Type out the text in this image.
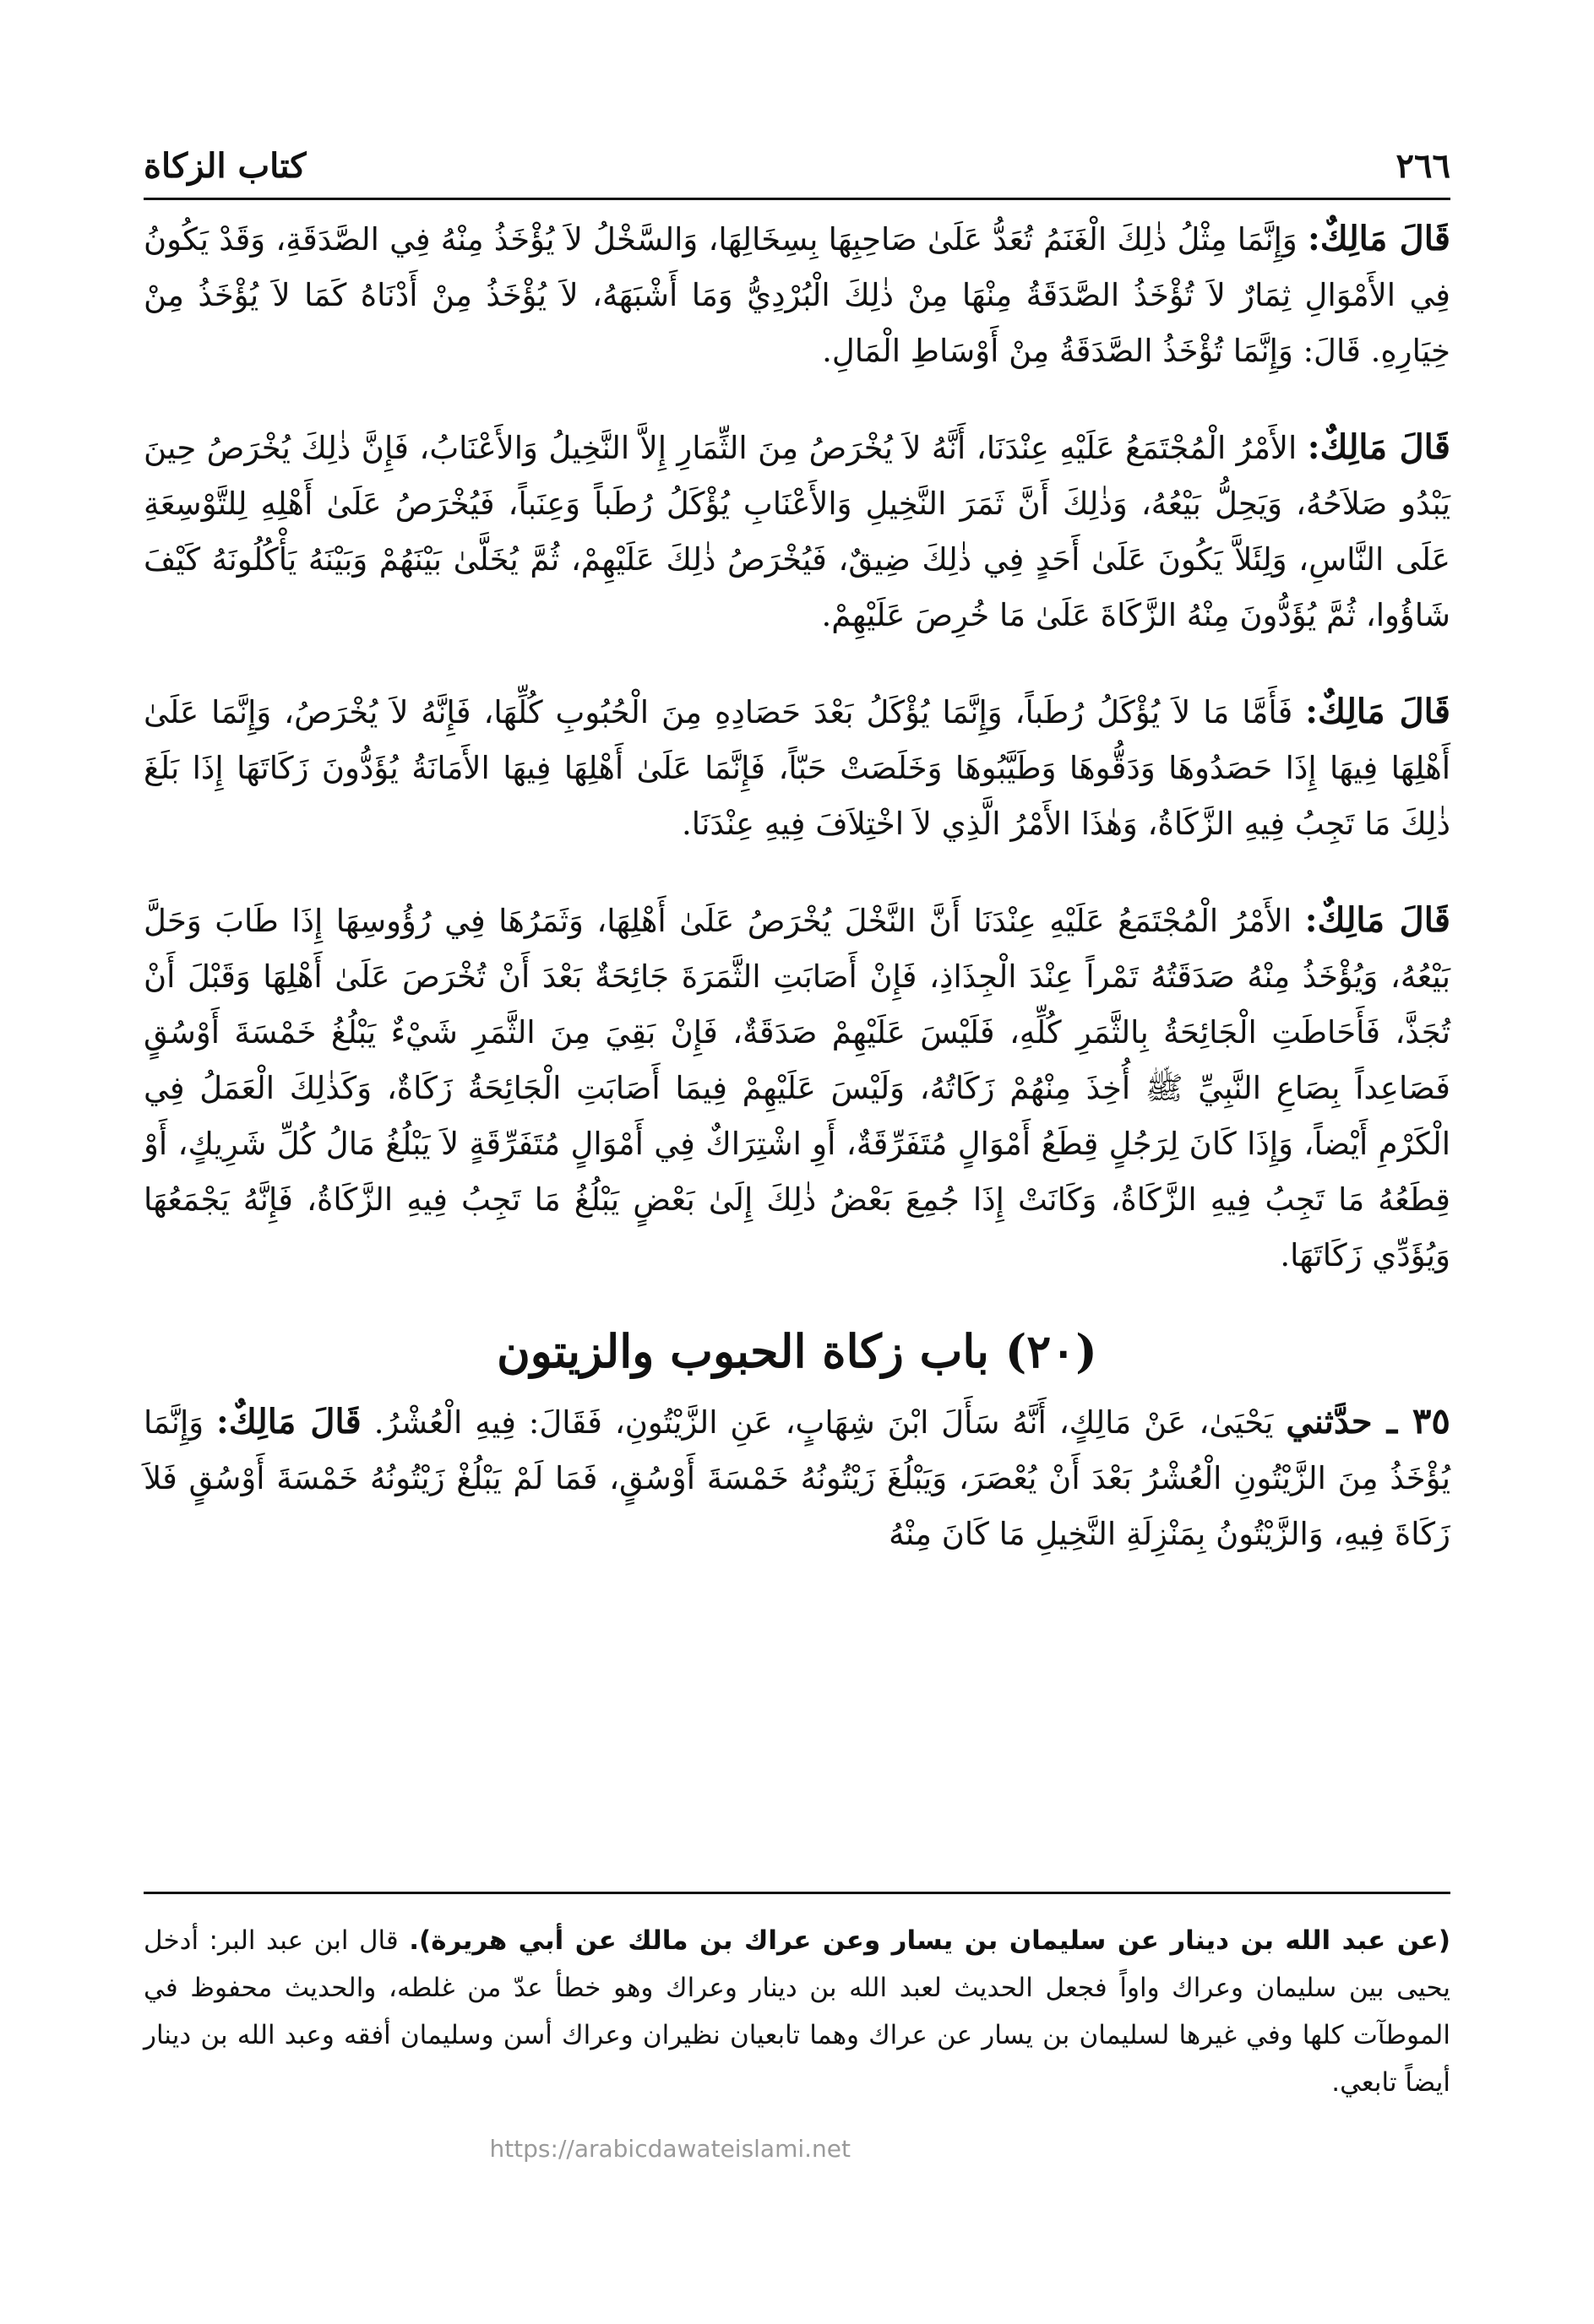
٢٦٦
كتاب الزكاة

قَالَ مَالِكٌ: وَإِنَّمَا مِثْلُ ذٰلِكَ الْغَنَمُ تُعَدُّ عَلَىٰ صَاحِبِهَا بِسِخَالِهَا، وَالسَّخْلُ لاَ يُؤْخَذُ مِنْهُ فِي الصَّدَقَةِ، وَقَدْ يَكُونُ فِي الأَمْوَالِ ثِمَارٌ لاَ تُؤْخَذُ الصَّدَقَةُ مِنْهَا مِنْ ذٰلِكَ الْبُرْدِيُّ وَمَا أَشْبَهَهُ، لاَ يُؤْخَذُ مِنْ أَدْنَاهُ كَمَا لاَ يُؤْخَذُ مِنْ خِيَارِهِ. قَالَ: وَإِنَّمَا تُؤْخَذُ الصَّدَقَةُ مِنْ أَوْسَاطِ الْمَالِ.

قَالَ مَالِكٌ: الأَمْرُ الْمُجْتَمَعُ عَلَيْهِ عِنْدَنَا، أَنَّهُ لاَ يُخْرَصُ مِنَ الثِّمَارِ إِلاَّ النَّخِيلُ وَالأَعْنَابُ، فَإِنَّ ذٰلِكَ يُخْرَصُ حِينَ يَبْدُو صَلاَحُهُ، وَيَحِلُّ بَيْعُهُ، وَذٰلِكَ أَنَّ ثَمَرَ النَّخِيلِ وَالأَعْنَابِ يُؤْكَلُ رُطَباً وَعِنَباً، فَيُخْرَصُ عَلَىٰ أَهْلِهِ لِلتَّوْسِعَةِ عَلَى النَّاسِ، وَلِئَلاَّ يَكُونَ عَلَىٰ أَحَدٍ فِي ذٰلِكَ ضِيقٌ، فَيُخْرَصُ ذٰلِكَ عَلَيْهِمْ، ثُمَّ يُخَلَّىٰ بَيْنَهُمْ وَبَيْنَهُ يَأْكُلُونَهُ كَيْفَ شَاؤُوا، ثُمَّ يُؤَدُّونَ مِنْهُ الزَّكَاةَ عَلَىٰ مَا خُرِصَ عَلَيْهِمْ.

قَالَ مَالِكٌ: فَأَمَّا مَا لاَ يُؤْكَلُ رُطَباً، وَإِنَّمَا يُؤْكَلُ بَعْدَ حَصَادِهِ مِنَ الْحُبُوبِ كُلِّهَا، فَإِنَّهُ لاَ يُخْرَصُ، وَإِنَّمَا عَلَىٰ أَهْلِهَا فِيهَا إِذَا حَصَدُوهَا وَدَقُّوهَا وَطَيَّبُوهَا وَخَلَصَتْ حَبّاً، فَإِنَّمَا عَلَىٰ أَهْلِهَا فِيهَا الأَمَانَةُ يُؤَدُّونَ زَكَاتَهَا إِذَا بَلَغَ ذٰلِكَ مَا تَجِبُ فِيهِ الزَّكَاةُ، وَهٰذَا الأَمْرُ الَّذِي لاَ اخْتِلاَفَ فِيهِ عِنْدَنَا.

قَالَ مَالِكٌ: الأَمْرُ الْمُجْتَمَعُ عَلَيْهِ عِنْدَنَا أَنَّ النَّخْلَ يُخْرَصُ عَلَىٰ أَهْلِهَا، وَثَمَرُهَا فِي رُؤُوسِهَا إِذَا طَابَ وَحَلَّ بَيْعُهُ، وَيُؤْخَذُ مِنْهُ صَدَقَتُهُ تَمْراً عِنْدَ الْجِذَاذِ، فَإِنْ أَصَابَتِ الثَّمَرَةَ جَائِحَةٌ بَعْدَ أَنْ تُخْرَصَ عَلَىٰ أَهْلِهَا وَقَبْلَ أَنْ تُجَذَّ، فَأَحَاطَتِ الْجَائِحَةُ بِالثَّمَرِ كُلِّهِ، فَلَيْسَ عَلَيْهِمْ صَدَقَةٌ، فَإِنْ بَقِيَ مِنَ الثَّمَرِ شَيْءٌ يَبْلُغُ خَمْسَةَ أَوْسُقٍ فَصَاعِداً بِصَاعِ النَّبِيِّ ﷺ أُخِذَ مِنْهُمْ زَكَاتُهُ، وَلَيْسَ عَلَيْهِمْ فِيمَا أَصَابَتِ الْجَائِحَةُ زَكَاةٌ، وَكَذٰلِكَ الْعَمَلُ فِي الْكَرْمِ أَيْضاً، وَإِذَا كَانَ لِرَجُلٍ قِطَعُ أَمْوَالٍ مُتَفَرِّقَةٌ، أَوِ اشْتِرَاكٌ فِي أَمْوَالٍ مُتَفَرِّقَةٍ لاَ يَبْلُغُ مَالُ كُلِّ شَرِيكٍ، أَوْ قِطَعُهُ مَا تَجِبُ فِيهِ الزَّكَاةُ، وَكَانَتْ إِذَا جُمِعَ بَعْضُ ذٰلِكَ إِلَىٰ بَعْضٍ يَبْلُغُ مَا تَجِبُ فِيهِ الزَّكَاةُ، فَإِنَّهُ يَجْمَعُهَا وَيُؤَدِّي زَكَاتَهَا.

(٢٠) باب زكاة الحبوب والزيتون

٣٥ ـ حدَّثني يَحْيَىٰ، عَنْ مَالِكٍ، أَنَّهُ سَأَلَ ابْنَ شِهَابٍ، عَنِ الزَّيْتُونِ، فَقَالَ: فِيهِ الْعُشْرُ. قَالَ مَالِكٌ: وَإِنَّمَا يُؤْخَذُ مِنَ الزَّيْتُونِ الْعُشْرُ بَعْدَ أَنْ يُعْصَرَ، وَيَبْلُغَ زَيْتُونُهُ خَمْسَةَ أَوْسُقٍ، فَمَا لَمْ يَبْلُغْ زَيْتُونُهُ خَمْسَةَ أَوْسُقٍ فَلاَ زَكَاةَ فِيهِ، وَالزَّيْتُونُ بِمَنْزِلَةِ النَّخِيلِ مَا كَانَ مِنْهُ

(عن عبد الله بن دينار عن سليمان بن يسار وعن عراك بن مالك عن أبي هريرة). قال ابن عبد البر: أدخل يحيى بين سليمان وعراك واواً فجعل الحديث لعبد الله بن دينار وعراك وهو خطأ عدّ من غلطه، والحديث محفوظ في الموطآت كلها وفي غيرها لسليمان بن يسار عن عراك وهما تابعيان نظيران وعراك أسن وسليمان أفقه وعبد الله بن دينار أيضاً تابعي.
https://arabicdawateislami.net
